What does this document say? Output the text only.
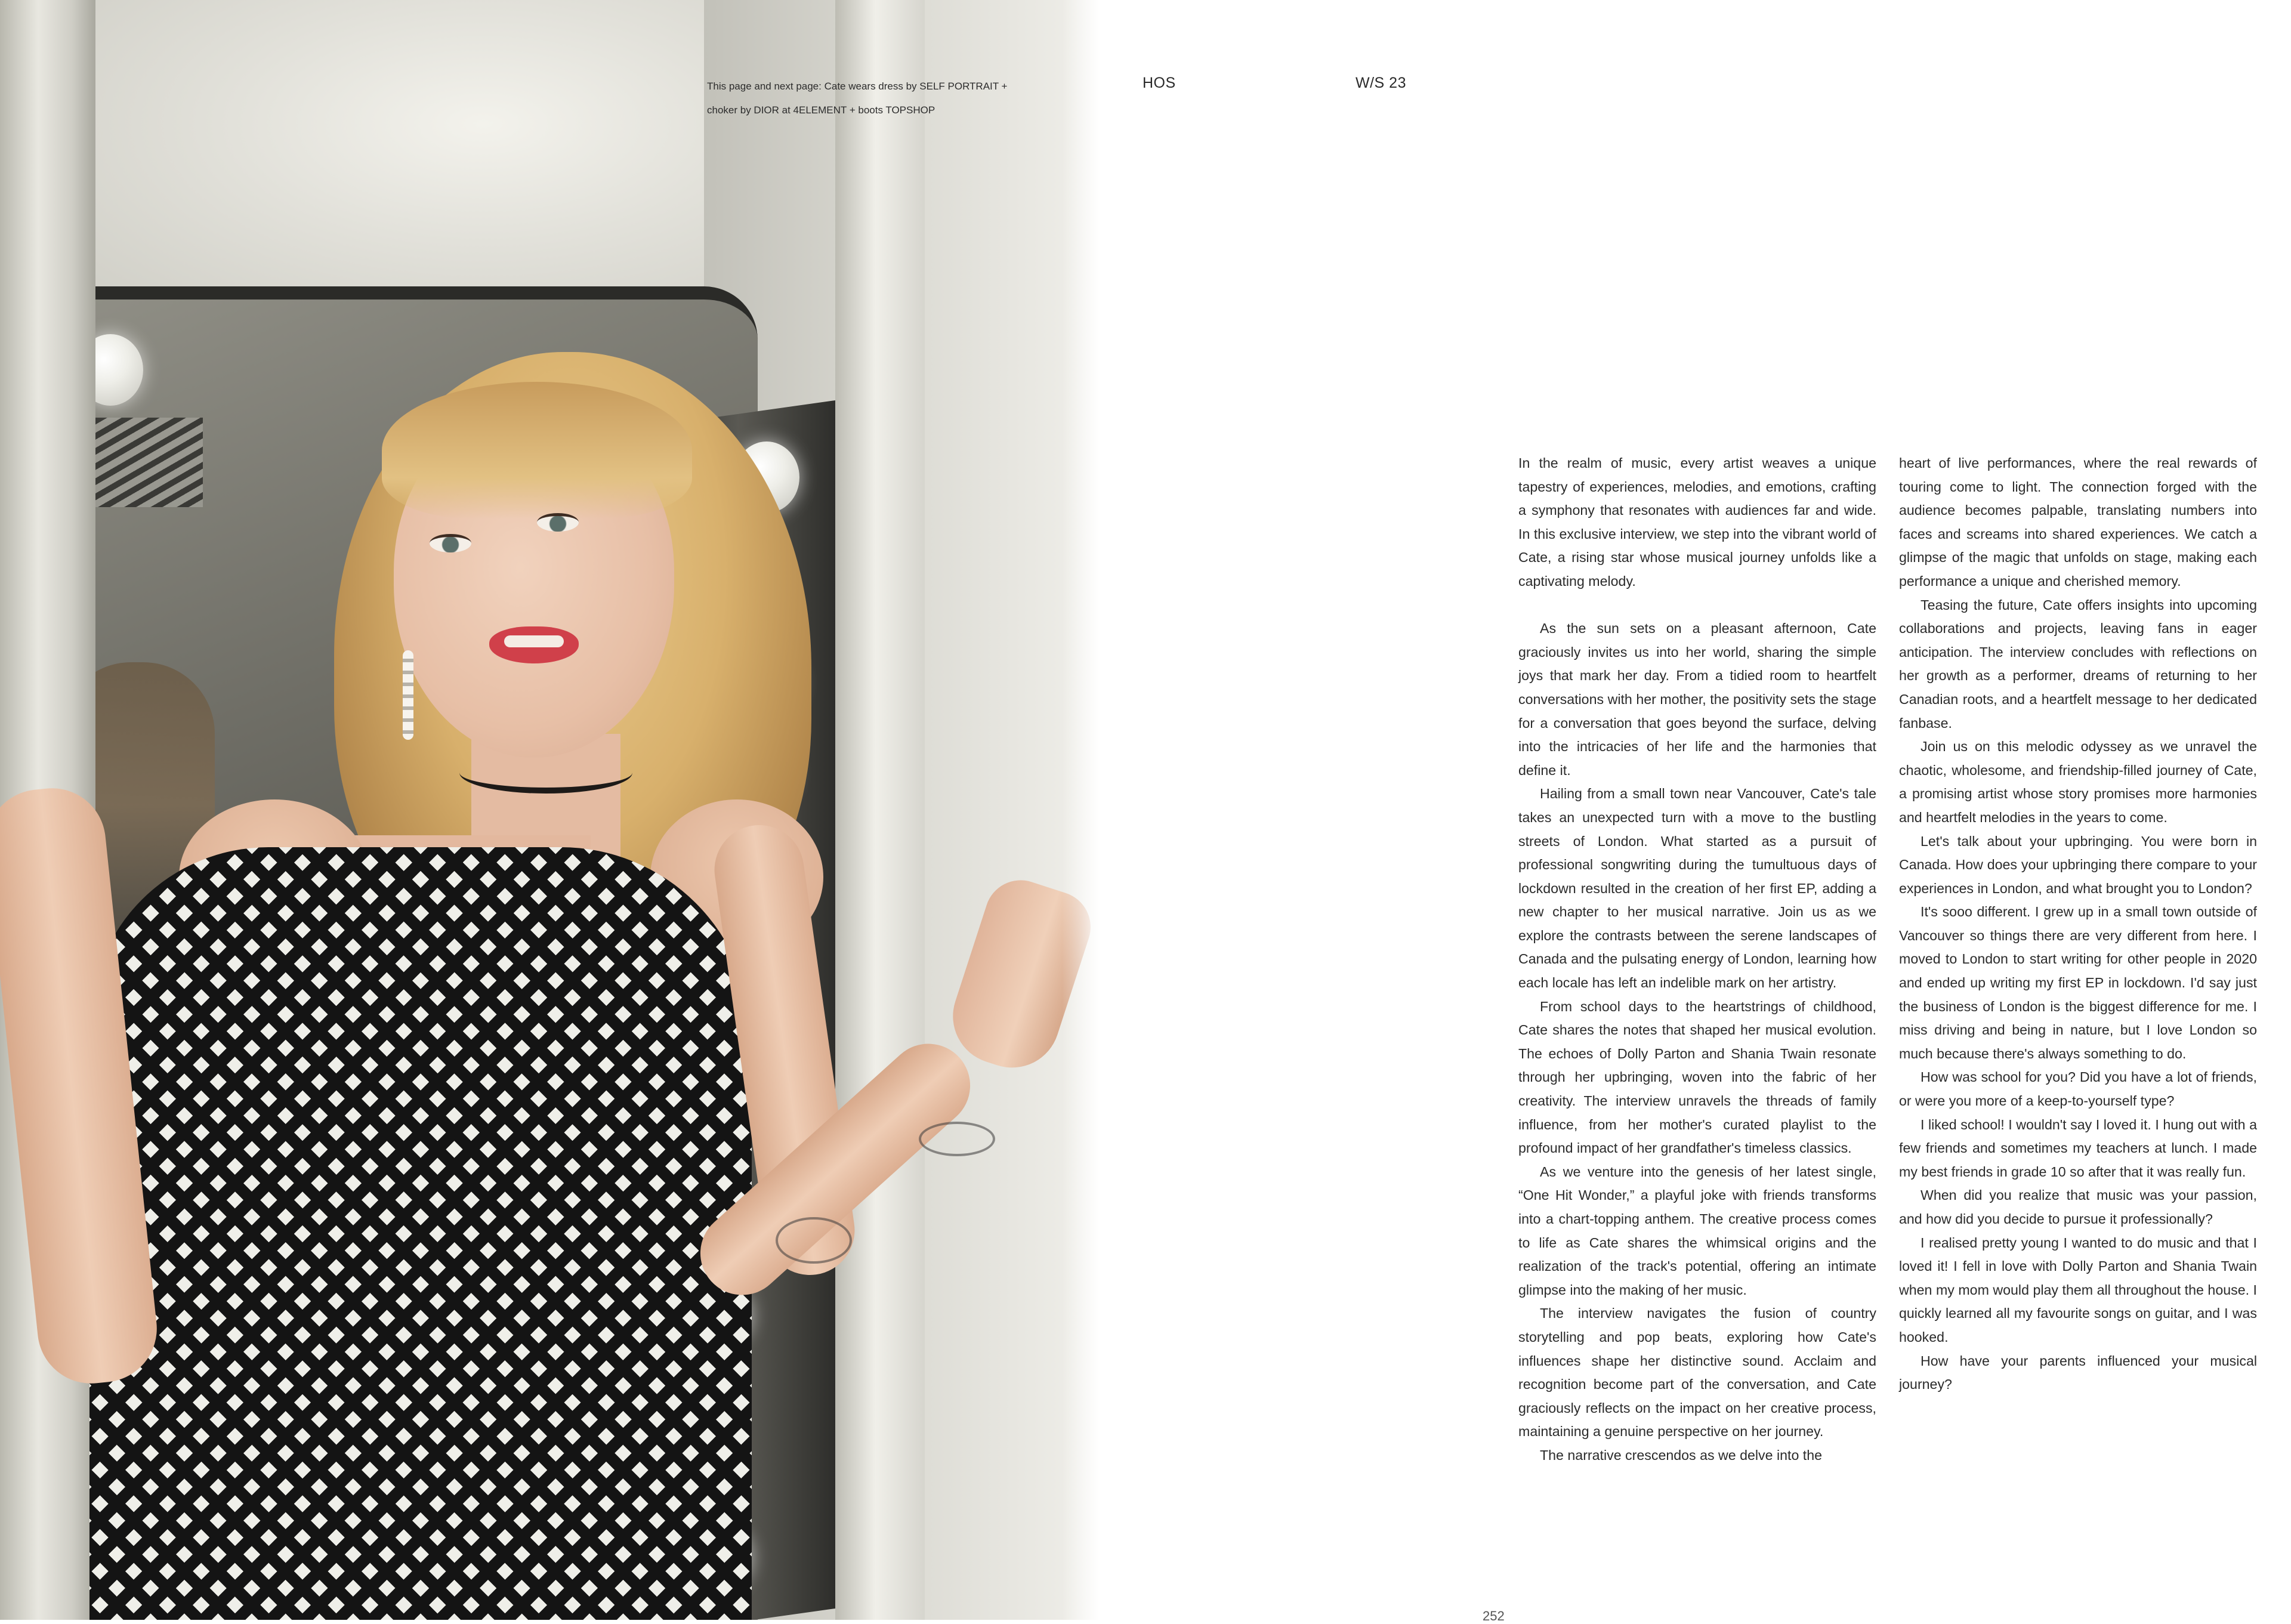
This page and next page: Cate wears dress by SELF PORTRAIT +
choker by DIOR at 4ELEMENT + boots TOPSHOP
HOS	W/S 23

In the realm of music, every artist weaves a unique tapestry of experiences, melodies, and emotions, crafting a symphony that resonates with audiences far and wide. In this exclusive interview, we step into the vibrant world of Cate, a rising star whose musical journey unfolds like a captivating melody.

As the sun sets on a pleasant afternoon, Cate graciously invites us into her world, sharing the simple joys that mark her day. From a tidied room to heartfelt conversations with her mother, the positivity sets the stage for a conversation that goes beyond the surface, delving into the intricacies of her life and the harmonies that define it.

Hailing from a small town near Vancouver, Cate's tale takes an unexpected turn with a move to the bustling streets of London. What started as a pursuit of professional songwriting during the tumultuous days of lockdown resulted in the creation of her first EP, adding a new chapter to her musical narrative. Join us as we explore the contrasts between the serene landscapes of Canada and the pulsating energy of London, learning how each locale has left an indelible mark on her artistry.

From school days to the heartstrings of childhood, Cate shares the notes that shaped her musical evolution. The echoes of Dolly Parton and Shania Twain resonate through her upbringing, woven into the fabric of her creativity. The interview unravels the threads of family influence, from her mother's curated playlist to the profound impact of her grandfather's timeless classics.

As we venture into the genesis of her latest single, “One Hit Wonder,” a playful joke with friends transforms into a chart-topping anthem. The creative process comes to life as Cate shares the whimsical origins and the realization of the track's potential, offering an intimate glimpse into the making of her music.

The interview navigates the fusion of country storytelling and pop beats, exploring how Cate's influences shape her distinctive sound. Acclaim and recognition become part of the conversation, and Cate graciously reflects on the impact on her creative process, maintaining a genuine perspective on her journey.

The narrative crescendos as we delve into the

heart of live performances, where the real rewards of touring come to light. The connection forged with the audience becomes palpable, translating numbers into faces and screams into shared experiences. We catch a glimpse of the magic that unfolds on stage, making each performance a unique and cherished memory.

Teasing the future, Cate offers insights into upcoming collaborations and projects, leaving fans in eager anticipation. The interview concludes with reflections on her growth as a performer, dreams of returning to her Canadian roots, and a heartfelt message to her dedicated fanbase.

Join us on this melodic odyssey as we unravel the chaotic, wholesome, and friendship-filled journey of Cate, a promising artist whose story promises more harmonies and heartfelt melodies in the years to come.

Let's talk about your upbringing. You were born in Canada. How does your upbringing there compare to your experiences in London, and what brought you to London?

It's sooo different. I grew up in a small town outside of Vancouver so things there are very different from here. I moved to London to start writing for other people in 2020 and ended up writing my first EP in lockdown. I'd say just the business of London is the biggest difference for me. I miss driving and being in nature, but I love London so much because there's always something to do.

How was school for you? Did you have a lot of friends, or were you more of a keep-to-yourself type?

I liked school! I wouldn't say I loved it. I hung out with a few friends and sometimes my teachers at lunch. I made my best friends in grade 10 so after that it was really fun.

When did you realize that music was your passion, and how did you decide to pursue it professionally?

I realised pretty young I wanted to do music and that I loved it! I fell in love with Dolly Parton and Shania Twain when my mom would play them all throughout the house. I quickly learned all my favourite songs on guitar, and I was hooked.

How have your parents influenced your musical journey?

252
